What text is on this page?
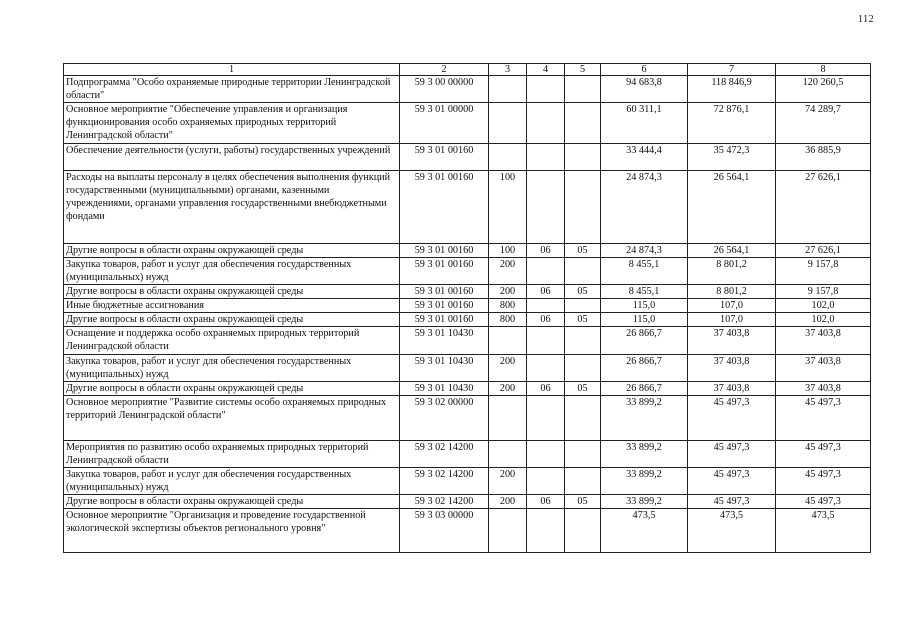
112
1	2	3	4	5	6	7	8
Подпрограмма "Особо охраняемые природные территории Ленинградской области"	59 3 00 00000				94 683,8	118 846,9	120 260,5
Основное мероприятие "Обеспечение управления и организация функционирования особо охраняемых природных территорий Ленинградской области"	59 3 01 00000				60 311,1	72 876,1	74 289,7
Обеспечение деятельности (услуги, работы) государственных учреждений	59 3 01 00160				33 444,4	35 472,3	36 885,9
Расходы на выплаты персоналу в целях обеспечения выполнения функций государственными (муниципальными) органами, казенными учреждениями, органами управления государственными внебюджетными фондами	59 3 01 00160	100			24 874,3	26 564,1	27 626,1
Другие вопросы в области охраны окружающей среды	59 3 01 00160	100	06	05	24 874,3	26 564,1	27 626,1
Закупка товаров, работ и услуг для обеспечения государственных (муниципальных) нужд	59 3 01 00160	200			8 455,1	8 801,2	9 157,8
Другие вопросы в области охраны окружающей среды	59 3 01 00160	200	06	05	8 455,1	8 801,2	9 157,8
Иные бюджетные ассигнования	59 3 01 00160	800			115,0	107,0	102,0
Другие вопросы в области охраны окружающей среды	59 3 01 00160	800	06	05	115,0	107,0	102,0
Оснащение и поддержка особо охраняемых природных территорий Ленинградской области	59 3 01 10430				26 866,7	37 403,8	37 403,8
Закупка товаров, работ и услуг для обеспечения государственных (муниципальных) нужд	59 3 01 10430	200			26 866,7	37 403,8	37 403,8
Другие вопросы в области охраны окружающей среды	59 3 01 10430	200	06	05	26 866,7	37 403,8	37 403,8
Основное мероприятие "Развитие системы особо охраняемых природных территорий Ленинградской области"	59 3 02 00000				33 899,2	45 497,3	45 497,3
Мероприятия по развитию особо охраняемых природных территорий Ленинградской области	59 3 02 14200				33 899,2	45 497,3	45 497,3
Закупка товаров, работ и услуг для обеспечения государственных (муниципальных) нужд	59 3 02 14200	200			33 899,2	45 497,3	45 497,3
Другие вопросы в области охраны окружающей среды	59 3 02 14200	200	06	05	33 899,2	45 497,3	45 497,3
Основное мероприятие "Организация и проведение государственной экологической экспертизы объектов регионального уровня"	59 3 03 00000				473,5	473,5	473,5
